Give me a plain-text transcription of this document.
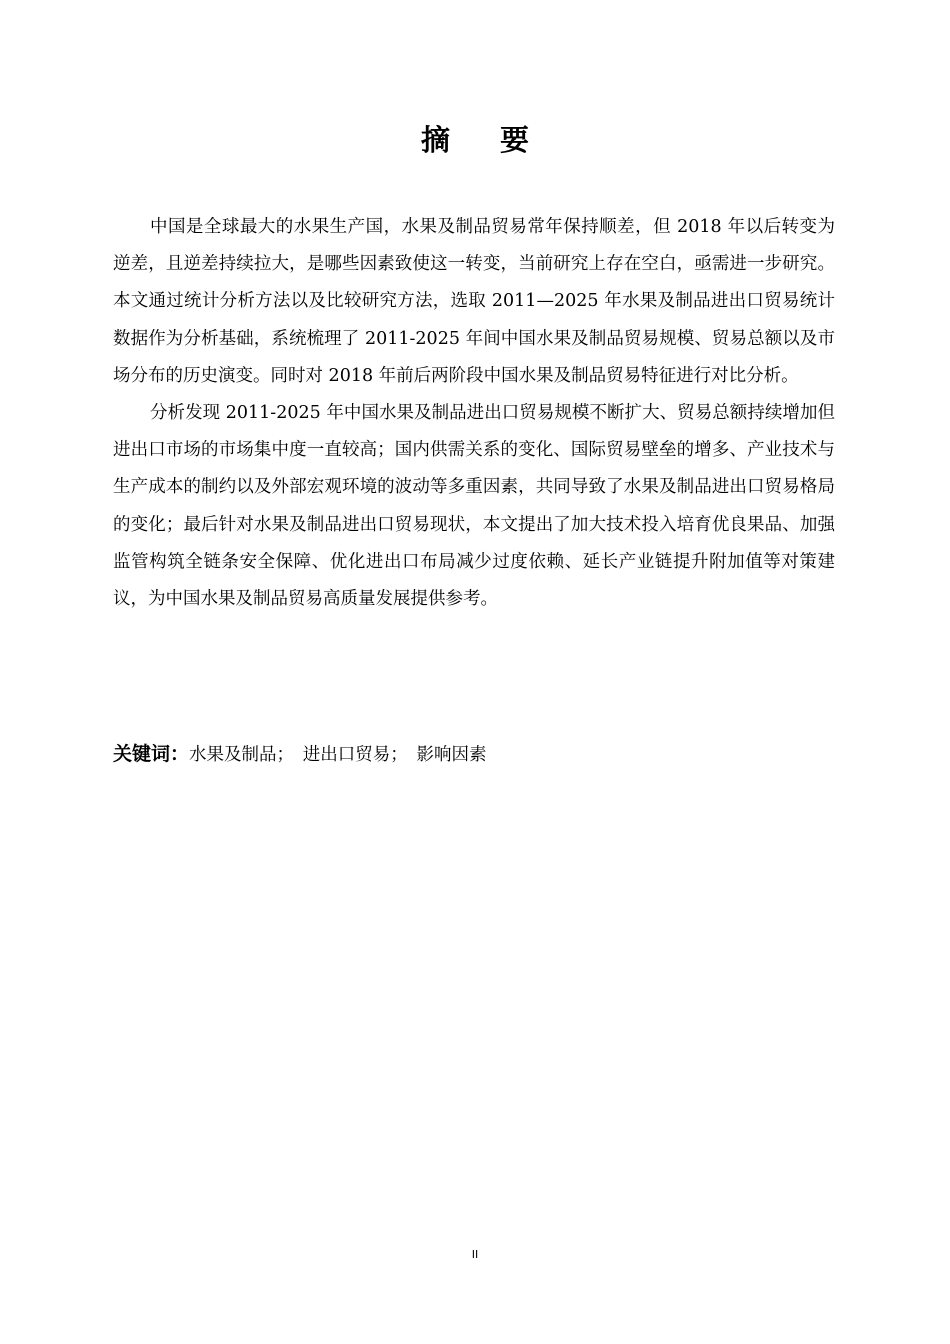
摘要

中国是全球最大的水果生产国，水果及制品贸易常年保持顺差，但 2018 年以后转变为逆差，且逆差持续拉大，是哪些因素致使这一转变，当前研究上存在空白，亟需进一步研究。本文通过统计分析方法以及比较研究方法，选取 2011—2025 年水果及制品进出口贸易统计数据作为分析基础，系统梳理了 2011-2025 年间中国水果及制品贸易规模、贸易总额以及市场分布的历史演变。同时对 2018 年前后两阶段中国水果及制品贸易特征进行对比分析。

分析发现 2011-2025 年中国水果及制品进出口贸易规模不断扩大、贸易总额持续增加但进出口市场的市场集中度一直较高；国内供需关系的变化、国际贸易壁垒的增多、产业技术与生产成本的制约以及外部宏观环境的波动等多重因素，共同导致了水果及制品进出口贸易格局的变化；最后针对水果及制品进出口贸易现状，本文提出了加大技术投入培育优良果品、加强监管构筑全链条安全保障、优化进出口布局减少过度依赖、延长产业链提升附加值等对策建议，为中国水果及制品贸易高质量发展提供参考。

关键词：水果及制品；  进出口贸易；  影响因素
II
